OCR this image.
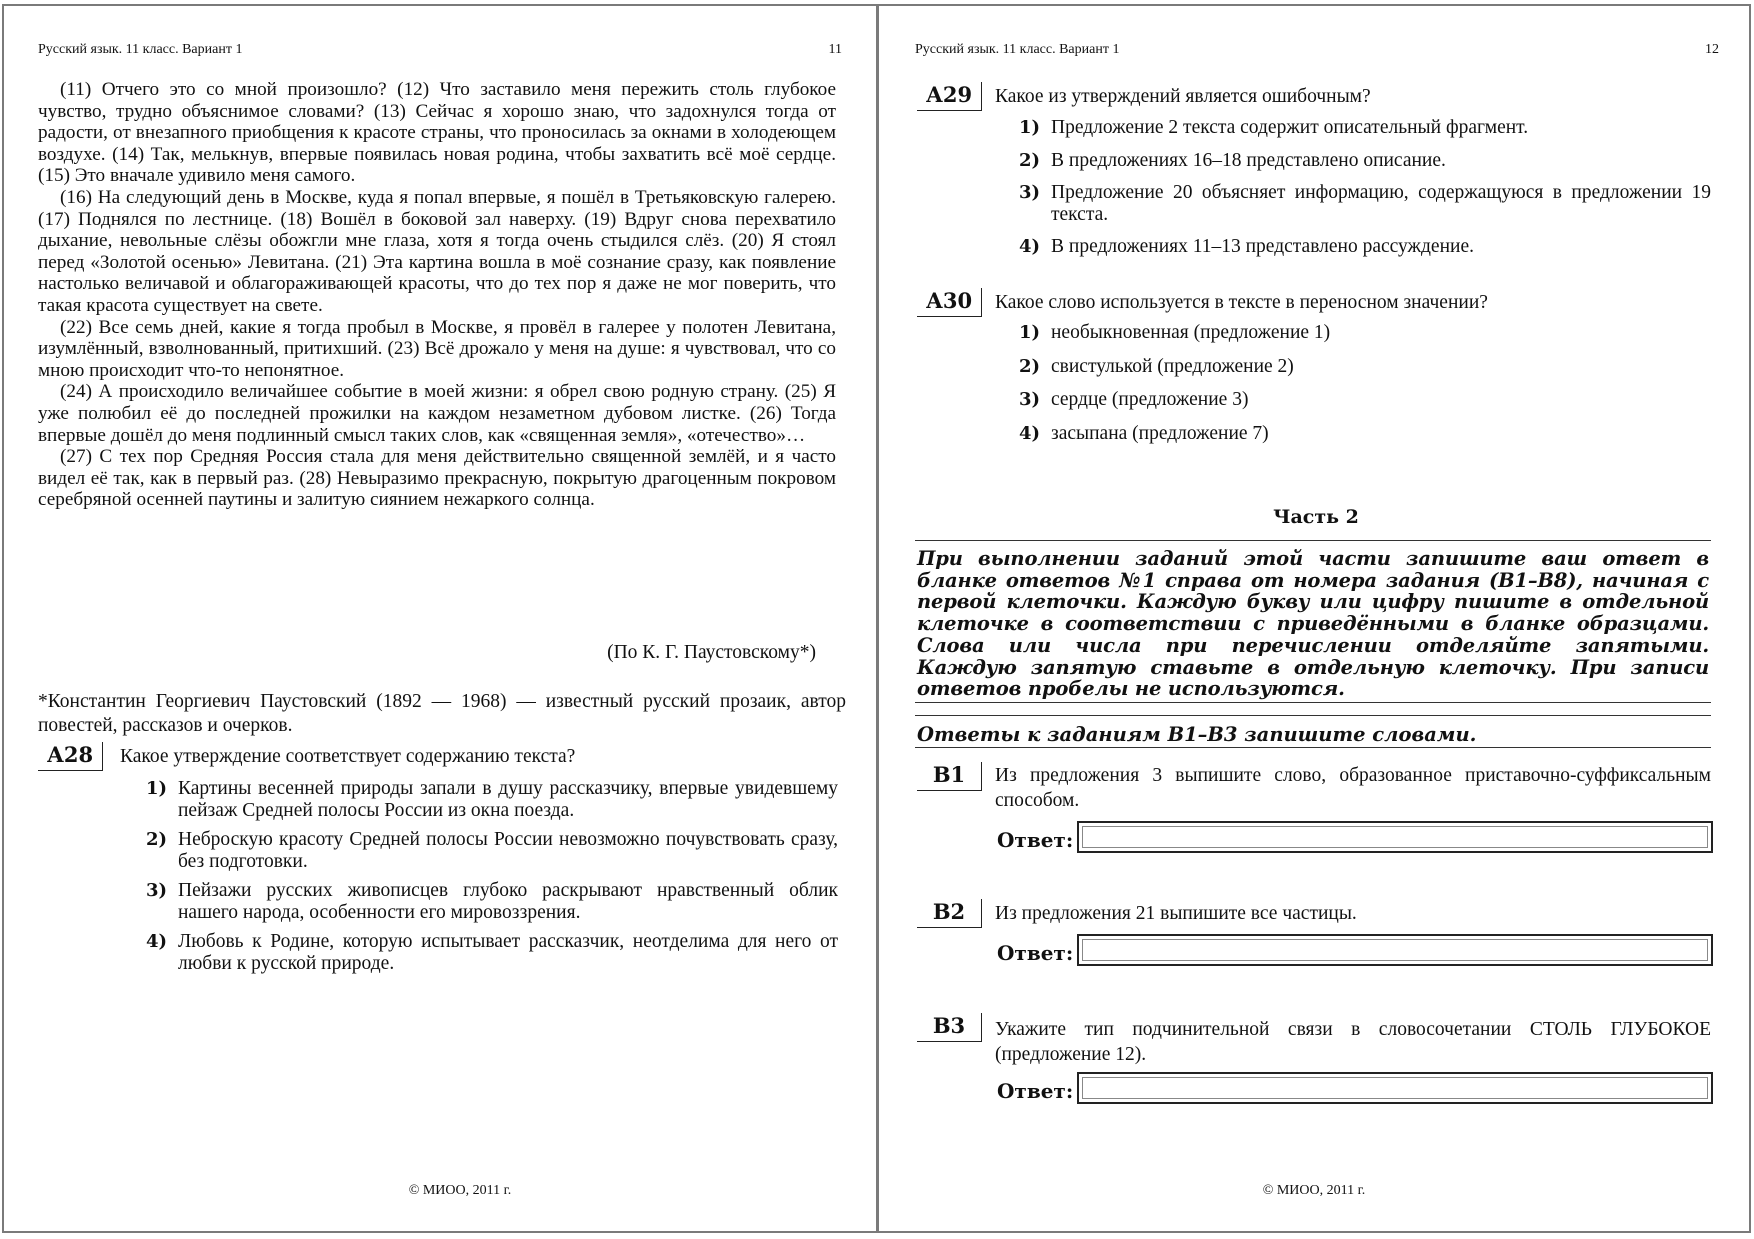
Русский язык. 11 класс. Вариант 1	11

(11) Отчего это со мной произошло? (12) Что заставило меня пережить столь глубокое чувство, трудно объяснимое словами? (13) Сейчас я хорошо знаю, что задохнулся тогда от радости, от внезапного приобщения к красоте страны, что проносилась за окнами в холодеющем воздухе. (14) Так, мелькнув, впервые появилась новая родина, чтобы захватить всё моё сердце. (15) Это вначале удивило меня самого.

(16) На следующий день в Москве, куда я попал впервые, я пошёл в Третьяковскую галерею. (17) Поднялся по лестнице. (18) Вошёл в боковой зал наверху. (19) Вдруг снова перехватило дыхание, невольные слёзы обожгли мне глаза, хотя я тогда очень стыдился слёз. (20) Я стоял перед «Золотой осенью» Левитана. (21) Эта картина вошла в моё сознание сразу, как появление настолько величавой и облагораживающей красоты, что до тех пор я даже не мог поверить, что такая красота существует на свете.

(22) Все семь дней, какие я тогда пробыл в Москве, я провёл в галерее у полотен Левитана, изумлённый, взволнованный, притихший. (23) Всё дрожало у меня на душе: я чувствовал, что со мною происходит что-то непонятное.

(24) А происходило величайшее событие в моей жизни: я обрел свою родную страну. (25) Я уже полюбил её до последней прожилки на каждом незаметном дубовом листке. (26) Тогда впервые дошёл до меня подлинный смысл таких слов, как «священная земля», «отечество»…

(27) С тех пор Средняя Россия стала для меня действительно священной землёй, и я часто видел её так, как в первый раз. (28) Невыразимо прекрасную, покрытую драгоценным покровом серебряной осенней паутины и залитую сиянием нежаркого солнца.

(По К. Г. Паустовскому*)
*Константин Георгиевич Паустовский (1892 — 1968) — известный русский прозаик, автор повестей, рассказов и очерков.
А28	Какое утверждение соответствует содержанию текста?
1) Картины весенней природы запали в душу рассказчику, впервые увидевшему пейзаж Средней полосы России из окна поезда.
2) Неброскую красоту Средней полосы России невозможно почувствовать сразу, без подготовки.
3) Пейзажи русских живописцев глубоко раскрывают нравственный облик нашего народа, особенности его мировоззрения.
4) Любовь к Родине, которую испытывает рассказчик, неотделима для него от любви к русской природе.
© МИОО, 2011 г.
Русский язык. 11 класс. Вариант 1	12
А29	Какое из утверждений является ошибочным?
1) Предложение 2 текста содержит описательный фрагмент.
2) В предложениях 16–18 представлено описание.
3) Предложение 20 объясняет информацию, содержащуюся в предложении 19 текста.
4) В предложениях 11–13 представлено рассуждение.
А30	Какое слово используется в тексте в переносном значении?
1) необыкновенная (предложение 1)
2) свистулькой (предложение 2)
3) сердце (предложение 3)
4) засыпана (предложение 7)
Часть 2
При выполнении заданий этой части запишите ваш ответ в бланке ответов №1 справа от номера задания (В1–В8), начиная с первой клеточки. Каждую букву или цифру пишите в отдельной клеточке в соответствии с приведёнными в бланке образцами. Слова или числа при перечислении отделяйте запятыми. Каждую запятую ставьте в отдельную клеточку. При записи ответов пробелы не используются.
Ответы к заданиям В1–В3 запишите словами.
В1	Из предложения 3 выпишите слово, образованное приставочно-суффиксальным способом.
Ответ:
В2	Из предложения 21 выпишите все частицы.
Ответ:
В3	Укажите тип подчинительной связи в словосочетании СТОЛЬ ГЛУБОКОЕ (предложение 12).
Ответ:
© МИОО, 2011 г.
